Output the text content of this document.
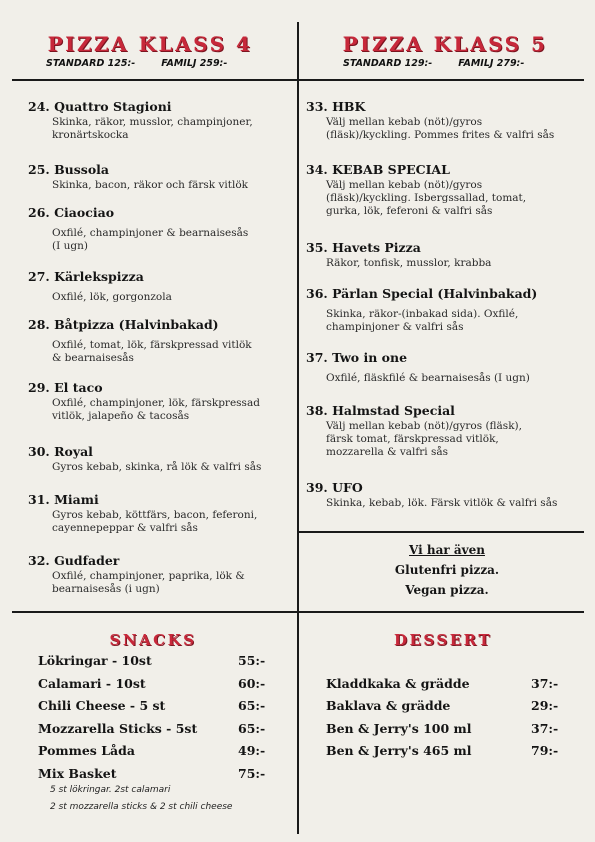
PIZZA KLASS 4
STANDARD 125:-	FAMILJ 259:-
PIZZA KLASS 5
STANDARD 129:-	FAMILJ 279:-
24. Quattro Stagioni
Skinka, räkor, musslor, champinjoner,
kronärtskocka
25. Bussola
Skinka, bacon, räkor och färsk vitlök
26. Ciaociao
Oxfilé, champinjoner & bearnaisesås
(I ugn)
27. Kärlekspizza
Oxfilé, lök, gorgonzola
28. Båtpizza (Halvinbakad)
Oxfilé, tomat, lök, färskpressad vitlök
& bearnaisesås
29. El taco
Oxfilé, champinjoner, lök, färskpressad
vitlök, jalapeño & tacosås
30. Royal
Gyros kebab, skinka, rå lök & valfri sås
31. Miami
Gyros kebab, köttfärs, bacon, feferoni,
cayennepeppar & valfri sås
32. Gudfader
Oxfilé, champinjoner, paprika, lök &
bearnaisesås (i ugn)
33. HBK
Välj mellan kebab (nöt)/gyros
(fläsk)/kyckling. Pommes frites & valfri sås
34. KEBAB SPECIAL
Välj mellan kebab (nöt)/gyros
(fläsk)/kyckling. Isbergssallad, tomat,
gurka, lök, feferoni & valfri sås
35. Havets Pizza
Räkor, tonfisk, musslor, krabba
36. Pärlan Special (Halvinbakad)
Skinka, räkor-(inbakad sida). Oxfilé,
champinjoner & valfri sås
37. Two in one
Oxfilé, fläskfilé & bearnaisesås (I ugn)
38. Halmstad Special
Välj mellan kebab (nöt)/gyros (fläsk),
färsk tomat, färskpressad vitlök,
mozzarella & valfri sås
39. UFO
Skinka, kebab, lök. Färsk vitlök & valfri sås
Vi har även
Glutenfri pizza.
Vegan pizza.
SNACKS
Lökringar - 10st	55:-
Calamari - 10st	60:-
Chili Cheese - 5 st	65:-
Mozzarella Sticks - 5st	65:-
Pommes Låda	49:-
Mix Basket	75:-
5 st lökringar. 2st calamari
2 st mozzarella sticks & 2 st chili cheese
DESSERT
Kladdkaka & grädde	37:-
Baklava & grädde	29:-
Ben & Jerry's 100 ml	37:-
Ben & Jerry's 465 ml	79:-
